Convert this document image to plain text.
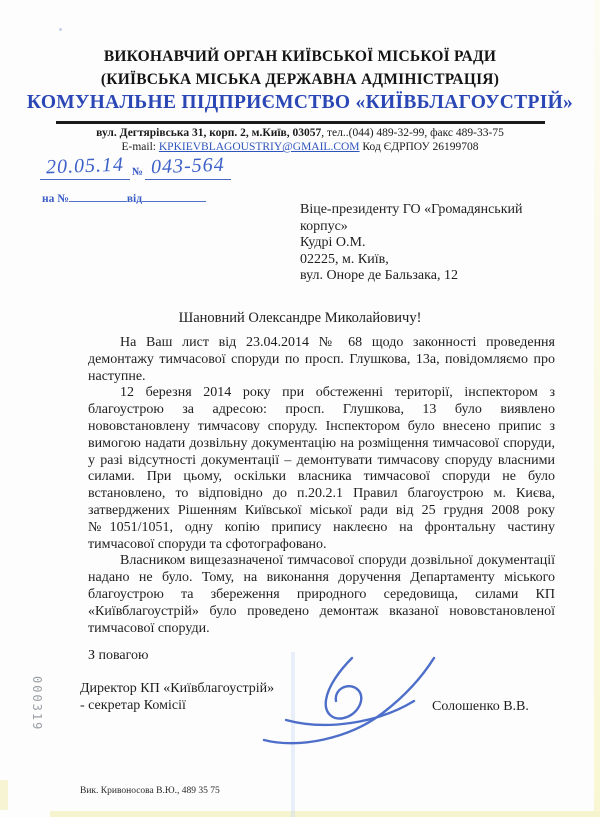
ВИКОНАВЧИЙ ОРГАН КИЇВСЬКОЇ МІСЬКОЇ РАДИ
(КИЇВСЬКА МІСЬКА ДЕРЖАВНА АДМІНІСТРАЦІЯ)
КОМУНАЛЬНЕ ПІДПРИЄМСТВО «КИЇВБЛАГОУСТРІЙ»
вул. Дегтярівська 31, корп. 2, м.Київ, 03057, тел..(044) 489-32-99, факс 489-33-75
E-mail: KPKIEVBLAGOUSTRIY@GMAIL.COM Код ЄДРПОУ 26199708
20.05.14 № 043-564
на №	від
Віце-президенту ГО «Громадянський
корпус»
Кудрі О.М.
02225, м. Київ,
вул. Оноре де Бальзака, 12
Шановний Олександре Миколайовичу!

На Ваш лист від 23.04.2014 № 68 щодо законності проведення демонтажу тимчасової споруди по просп. Глушкова, 13а, повідомляємо про наступне.

12 березня 2014 року при обстеженні території, інспектором з благоустрою за адресою: просп. Глушкова, 13 було виявлено нововстановлену тимчасову споруду. Інспектором було внесено припис з вимогою надати дозвільну документацію на розміщення тимчасової споруди, у разі відсутності документації – демонтувати тимчасову споруду власними силами. При цьому, оскільки власника тимчасової споруди не було встановлено, то відповідно до п.20.2.1 Правил благоустрою м. Києва, затверджених Рішенням Київської міської ради від 25 грудня 2008 року №1051/1051, одну копію припису наклеєно на фронтальну частину тимчасової споруди та сфотографовано.

Власником вищезазначеної тимчасової споруди дозвільної документації надано не було. Тому, на виконання доручення Департаменту міського благоустрою та збереження природного середовища, силами КП «Київблагоустрій» було проведено демонтаж вказаної нововстановленої тимчасової споруди.

З повагою
Директор КП «Київблагоустрій»
- секретар Комісії	Солошенко В.В.
000319
Вик. Кривоносова В.Ю., 489 35 75
